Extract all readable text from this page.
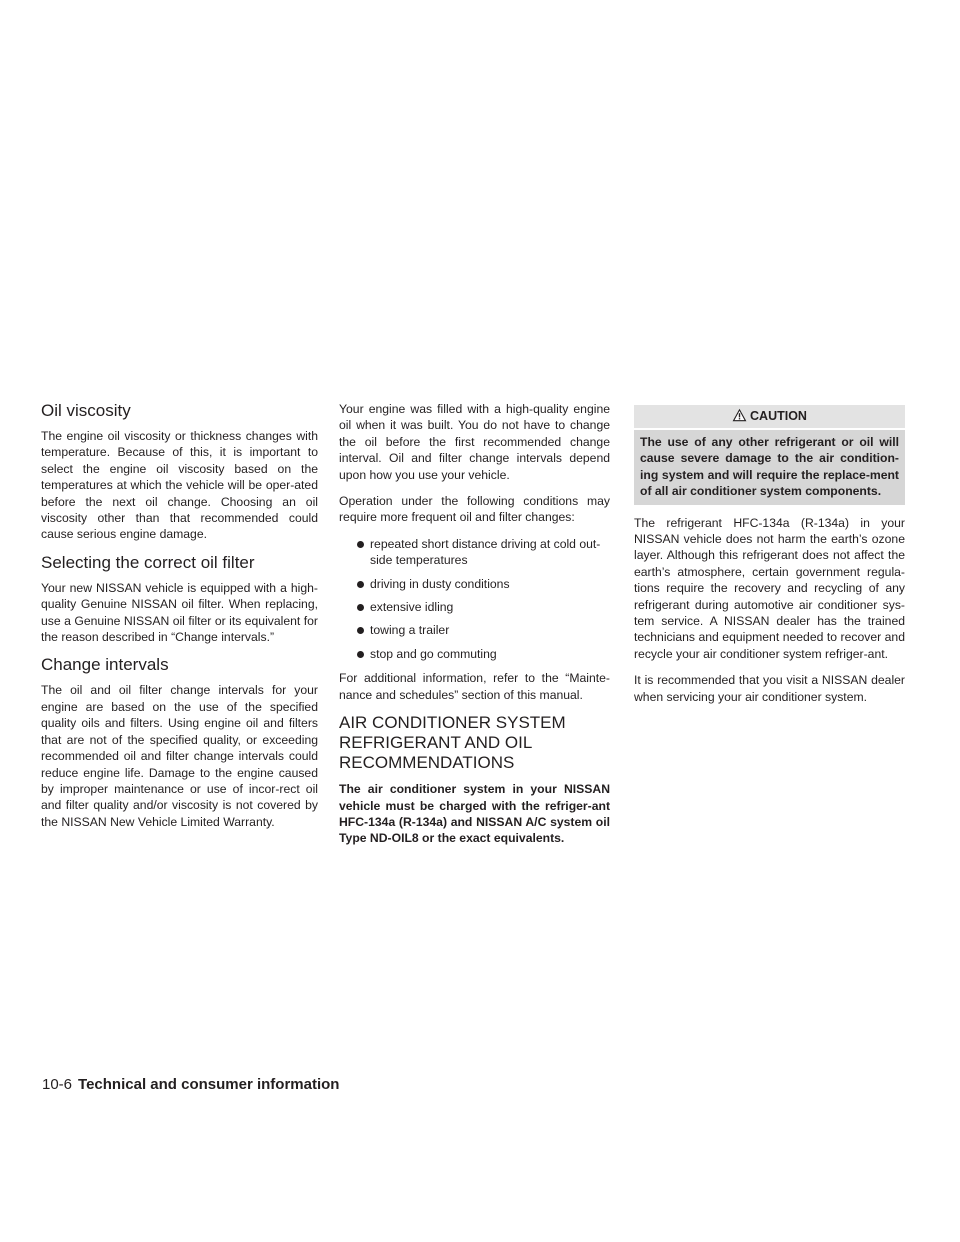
Oil viscosity

The engine oil viscosity or thickness changes with temperature. Because of this, it is important to select the engine oil viscosity based on the temperatures at which the vehicle will be oper-ated before the next oil change. Choosing an oil viscosity other than that recommended could cause serious engine damage.

Selecting the correct oil filter

Your new NISSAN vehicle is equipped with a high-quality Genuine NISSAN oil filter. When replacing, use a Genuine NISSAN oil filter or its equivalent for the reason described in “Change intervals.”

Change intervals

The oil and oil filter change intervals for your engine are based on the use of the specified quality oils and filters. Using engine oil and filters that are not of the specified quality, or exceeding recommended oil and filter change intervals could reduce engine life. Damage to the engine caused by improper maintenance or use of incor-rect oil and filter quality and/or viscosity is not covered by the NISSAN New Vehicle Limited Warranty.

Your engine was filled with a high-quality engine oil when it was built. You do not have to change the oil before the first recommended change interval. Oil and filter change intervals depend upon how you use your vehicle.

Operation under the following conditions may require more frequent oil and filter changes:

repeated short distance driving at cold out-side temperatures
driving in dusty conditions
extensive idling
towing a trailer
stop and go commuting

For additional information, refer to the “Mainte-nance and schedules” section of this manual.

AIR CONDITIONER SYSTEM
REFRIGERANT AND OIL
RECOMMENDATIONS

The air conditioner system in your NISSAN vehicle must be charged with the refriger-ant HFC-134a (R-134a) and NISSAN A/C system oil Type ND-OIL8 or the exact equivalents.

CAUTION
The use of any other refrigerant or oil will cause severe damage to the air condition-ing system and will require the replace-ment of all air conditioner system components.

The refrigerant HFC-134a (R-134a) in your NISSAN vehicle does not harm the earth’s ozone layer. Although this refrigerant does not affect the earth’s atmosphere, certain government regula-tions require the recovery and recycling of any refrigerant during automotive air conditioner sys-tem service. A NISSAN dealer has the trained technicians and equipment needed to recover and recycle your air conditioner system refriger-ant.

It is recommended that you visit a NISSAN dealer when servicing your air conditioner system.

10-6 Technical and consumer information
